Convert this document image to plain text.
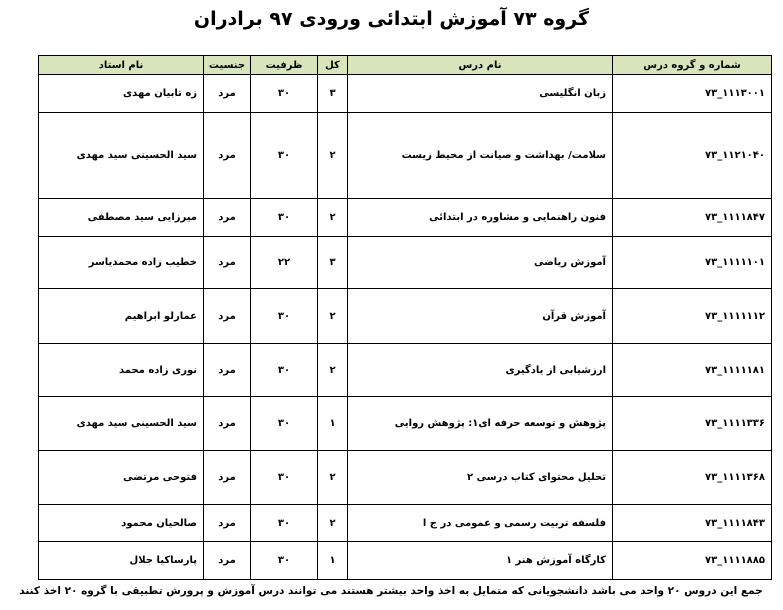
گروه ۷۳ آموزش ابتدائی ورودی ۹۷ برادران
شماره و گروه درس	نام درس	کل	ظرفیت	جنسیت	نام استاد
۱۱۱۳۰۰۱_۷۳	زبان انگلیسی	۳	۳۰	مرد	زه تابیان مهدی
۱۱۲۱۰۴۰_۷۳	سلامت/ بهداشت و صیانت از محیط زیست	۲	۳۰	مرد	سید الحسینی سید مهدی
۱۱۱۱۸۴۷_۷۳	فنون راهنمایی و مشاوره در ابتدائی	۲	۳۰	مرد	میرزایی سید مصطفی
۱۱۱۱۱۰۱_۷۳	آموزش ریاضی	۳	۲۲	مرد	خطیب زاده محمدیاسر
۱۱۱۱۱۱۲_۷۳	آموزش قرآن	۲	۳۰	مرد	عمارلو ابراهیم
۱۱۱۱۱۸۱_۷۳	ارزشیابی از یادگیری	۲	۳۰	مرد	نوری زاده محمد
۱۱۱۱۳۳۶_۷۳	پژوهش و توسعه حرفه ای۱: پژوهش روایی	۱	۳۰	مرد	سید الحسینی سید مهدی
۱۱۱۱۳۶۸_۷۳	تحلیل محتوای کتاب درسی ۲	۲	۳۰	مرد	فتوحی مرتضی
۱۱۱۱۸۴۳_۷۳	فلسفه تربیت رسمی و عمومی در ج ا	۲	۳۰	مرد	صالحیان محمود
۱۱۱۱۸۸۵_۷۳	کارگاه آموزش هنر ۱	۱	۳۰	مرد	پارساکیا جلال
جمع این دروس ۲۰ واحد می باشد دانشجویانی که متمایل به اخذ واحد بیشتر هستند می توانند درس آموزش و پرورش تطبیقی با گروه ۲۰ اخذ کنند
